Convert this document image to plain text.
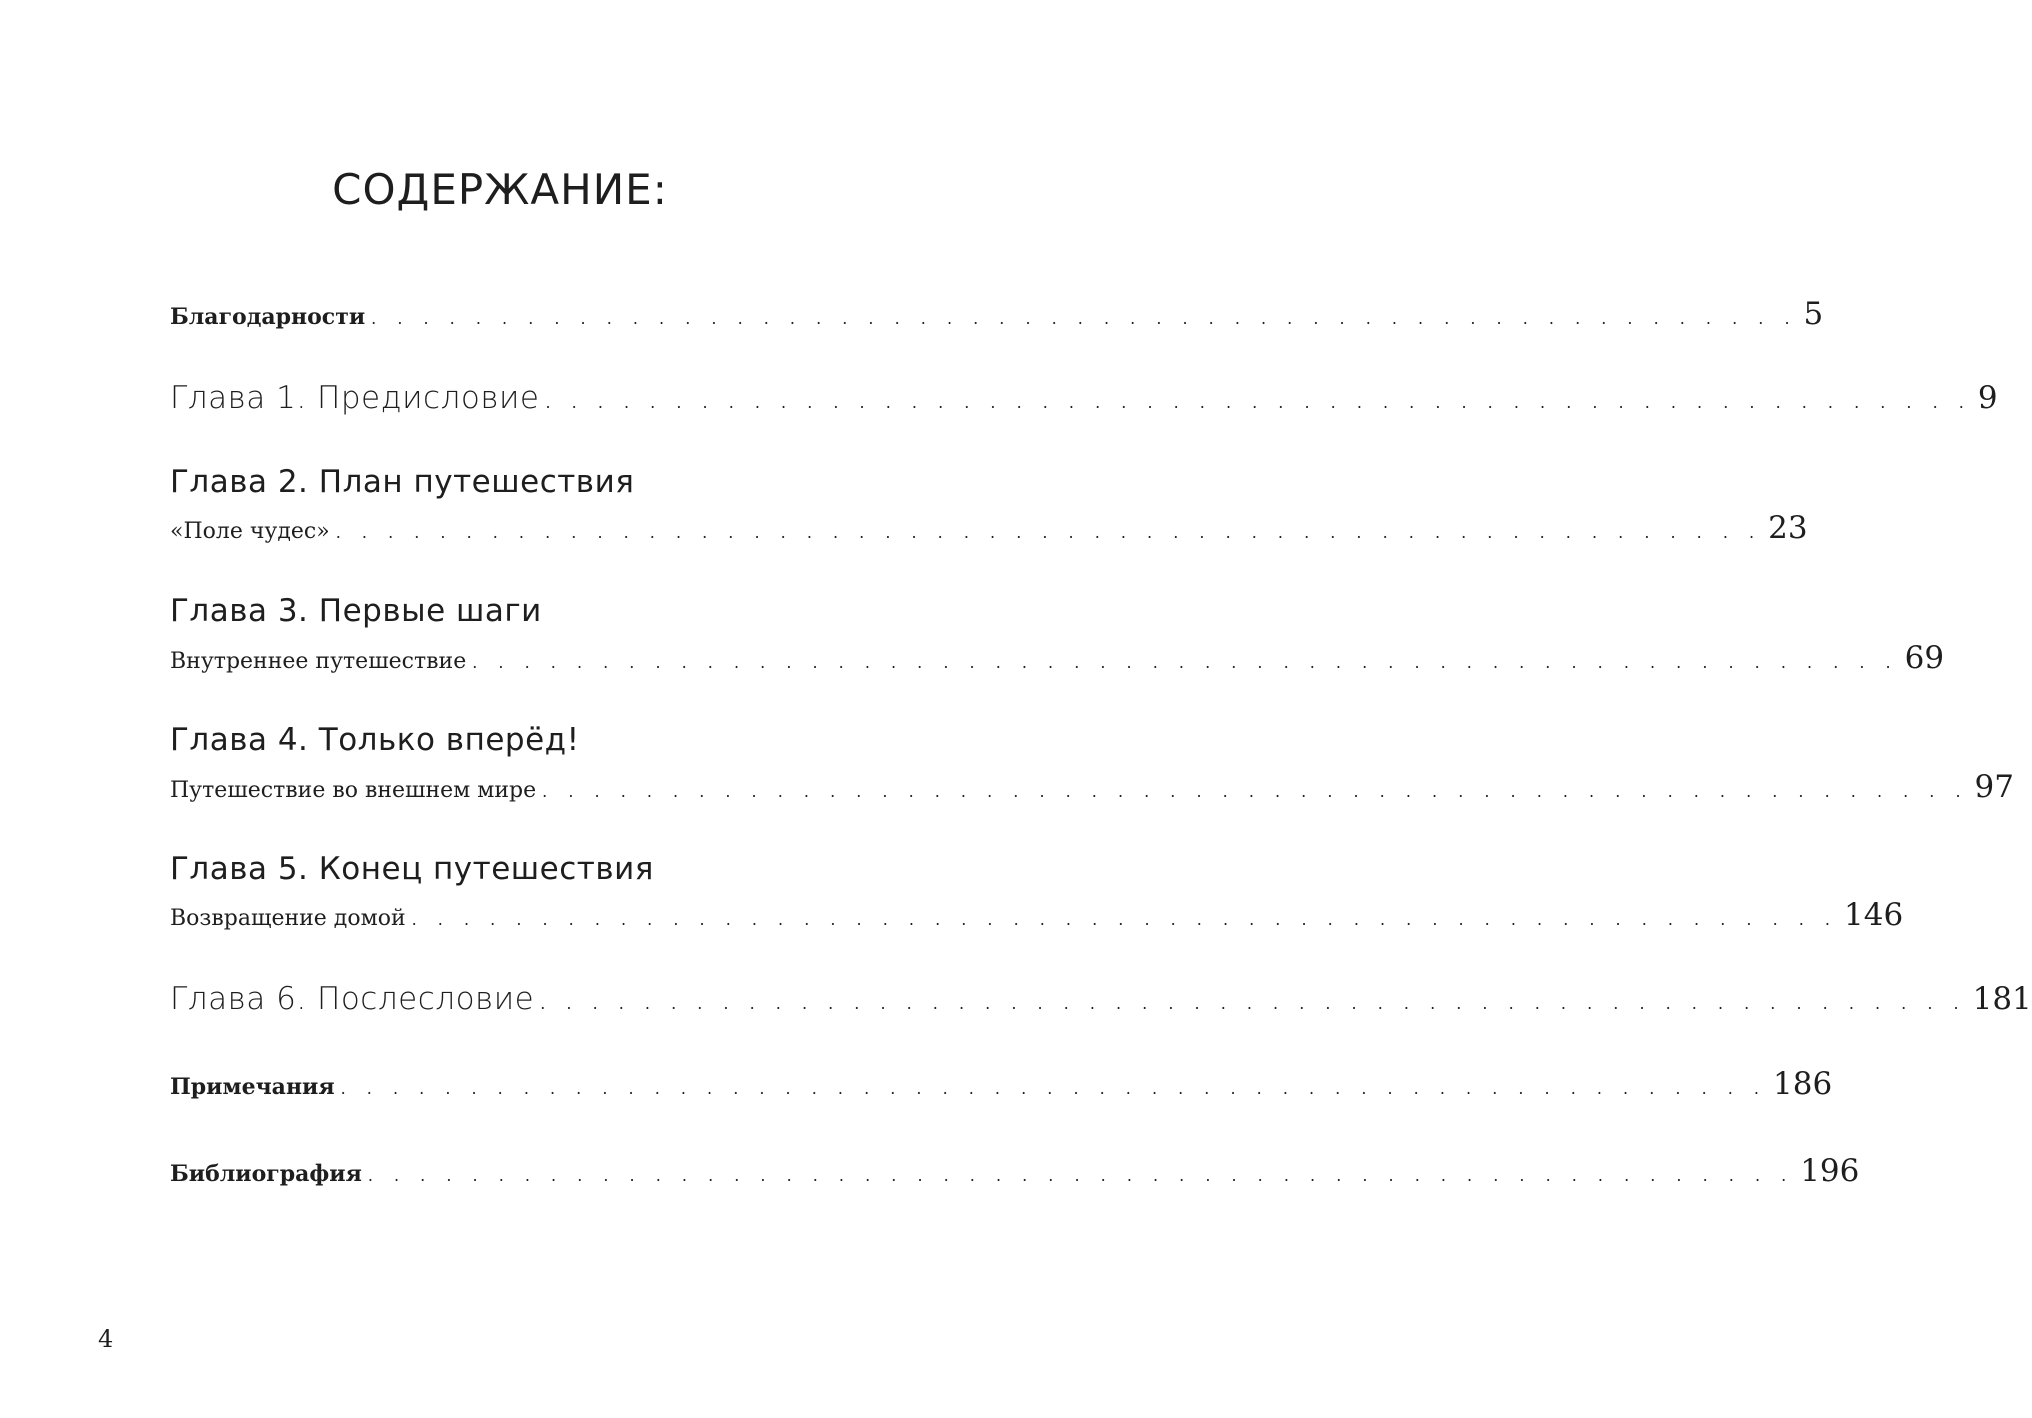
СОДЕРЖАНИЕ:
Благодарности . . . . . . . . . . . . . . . . . . . . . . . . . . . . . . . . . . . . . . . . . . . . . . . . . . . . . . . 5
Глава 1. Предисловие . . . . . . . . . . . . . . . . . . . . . . . . . . . . . . . . . . . . . . . . . . . . . . . . . . . . . . . 9
Глава 2. План путешествия
«Поле чудес» . . . . . . . . . . . . . . . . . . . . . . . . . . . . . . . . . . . . . . . . . . . . . . . . . . . . . . . 23
Глава 3. Первые шаги
Внутреннее путешествие . . . . . . . . . . . . . . . . . . . . . . . . . . . . . . . . . . . . . . . . . . . . . . . . . . . . . . . 69
Глава 4. Только вперёд!
Путешествие во внешнем мире . . . . . . . . . . . . . . . . . . . . . . . . . . . . . . . . . . . . . . . . . . . . . . . . . . . . . . . 97
Глава 5. Конец путешествия
Возвращение домой . . . . . . . . . . . . . . . . . . . . . . . . . . . . . . . . . . . . . . . . . . . . . . . . . . . . . . . 146
Глава 6. Послесловие . . . . . . . . . . . . . . . . . . . . . . . . . . . . . . . . . . . . . . . . . . . . . . . . . . . . . . . 181
Примечания . . . . . . . . . . . . . . . . . . . . . . . . . . . . . . . . . . . . . . . . . . . . . . . . . . . . . . . 186
Библиография . . . . . . . . . . . . . . . . . . . . . . . . . . . . . . . . . . . . . . . . . . . . . . . . . . . . . . . 196
4
